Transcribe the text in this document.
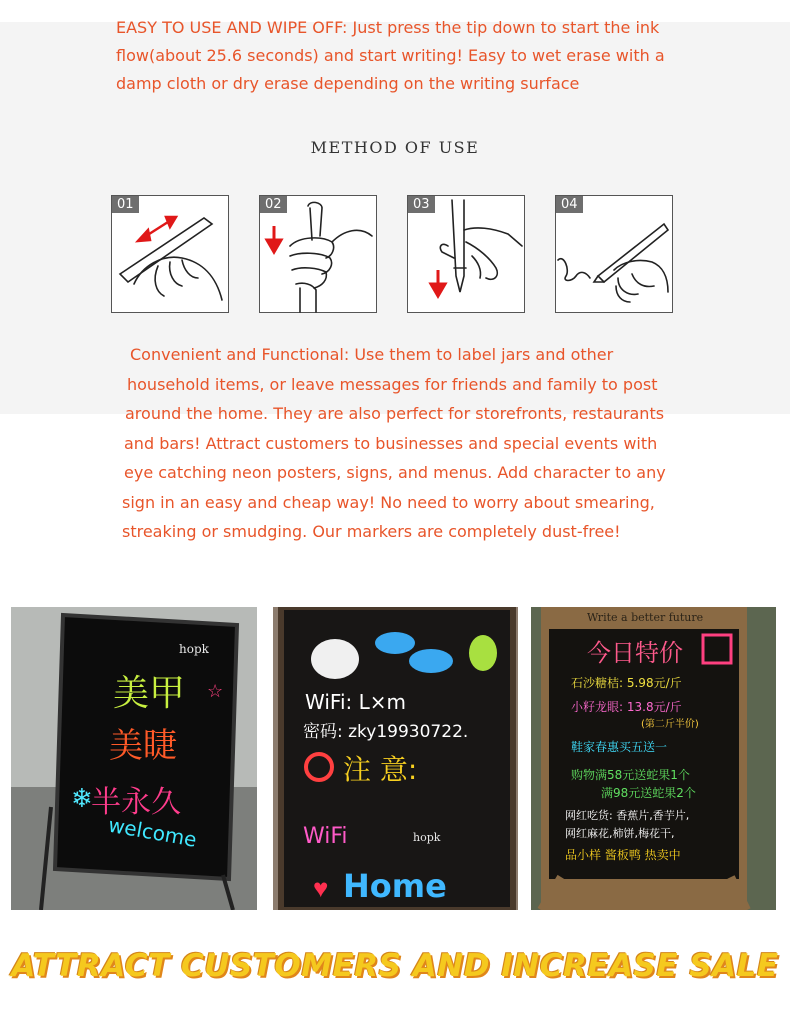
EASY TO USE AND WIPE OFF: Just press the tip down to start the ink
flow(about 25.6 seconds) and start writing! Easy to wet erase with a
damp cloth or dry erase depending on the writing surface

METHOD OF USE
01	02	03	04

Convenient and Functional: Use them to label jars and other
household items, or leave messages for friends and family to post
around the home. They are also perfect for storefronts, restaurants
and bars! Attract customers to businesses and special events with
eye catching neon posters, signs, and menus. Add character to any
sign in an easy and cheap way! No need to worry about smearing,
streaking or smudging. Our markers are completely dust-free!

hopk
美甲
美睫
半永久
welcome
❄
☆	WiFi: L×m
密码: zky19930722.
注 意:
WiFi	hopk
Home
♥
Write a better future
今日特价
石沙糖桔: 5.98元/斤
小籽龙眼: 13.8元/斤
(第二斤半价)
鞋家春惠买五送一
购物满58元送蛇果1个
满98元送蛇果2个
网红吃货: 香蕉片,香芋片,
网红麻花,柿饼,梅花干,
品小样 酱板鸭 热卖中
ATTRACT CUSTOMERS AND INCREASE SALE
